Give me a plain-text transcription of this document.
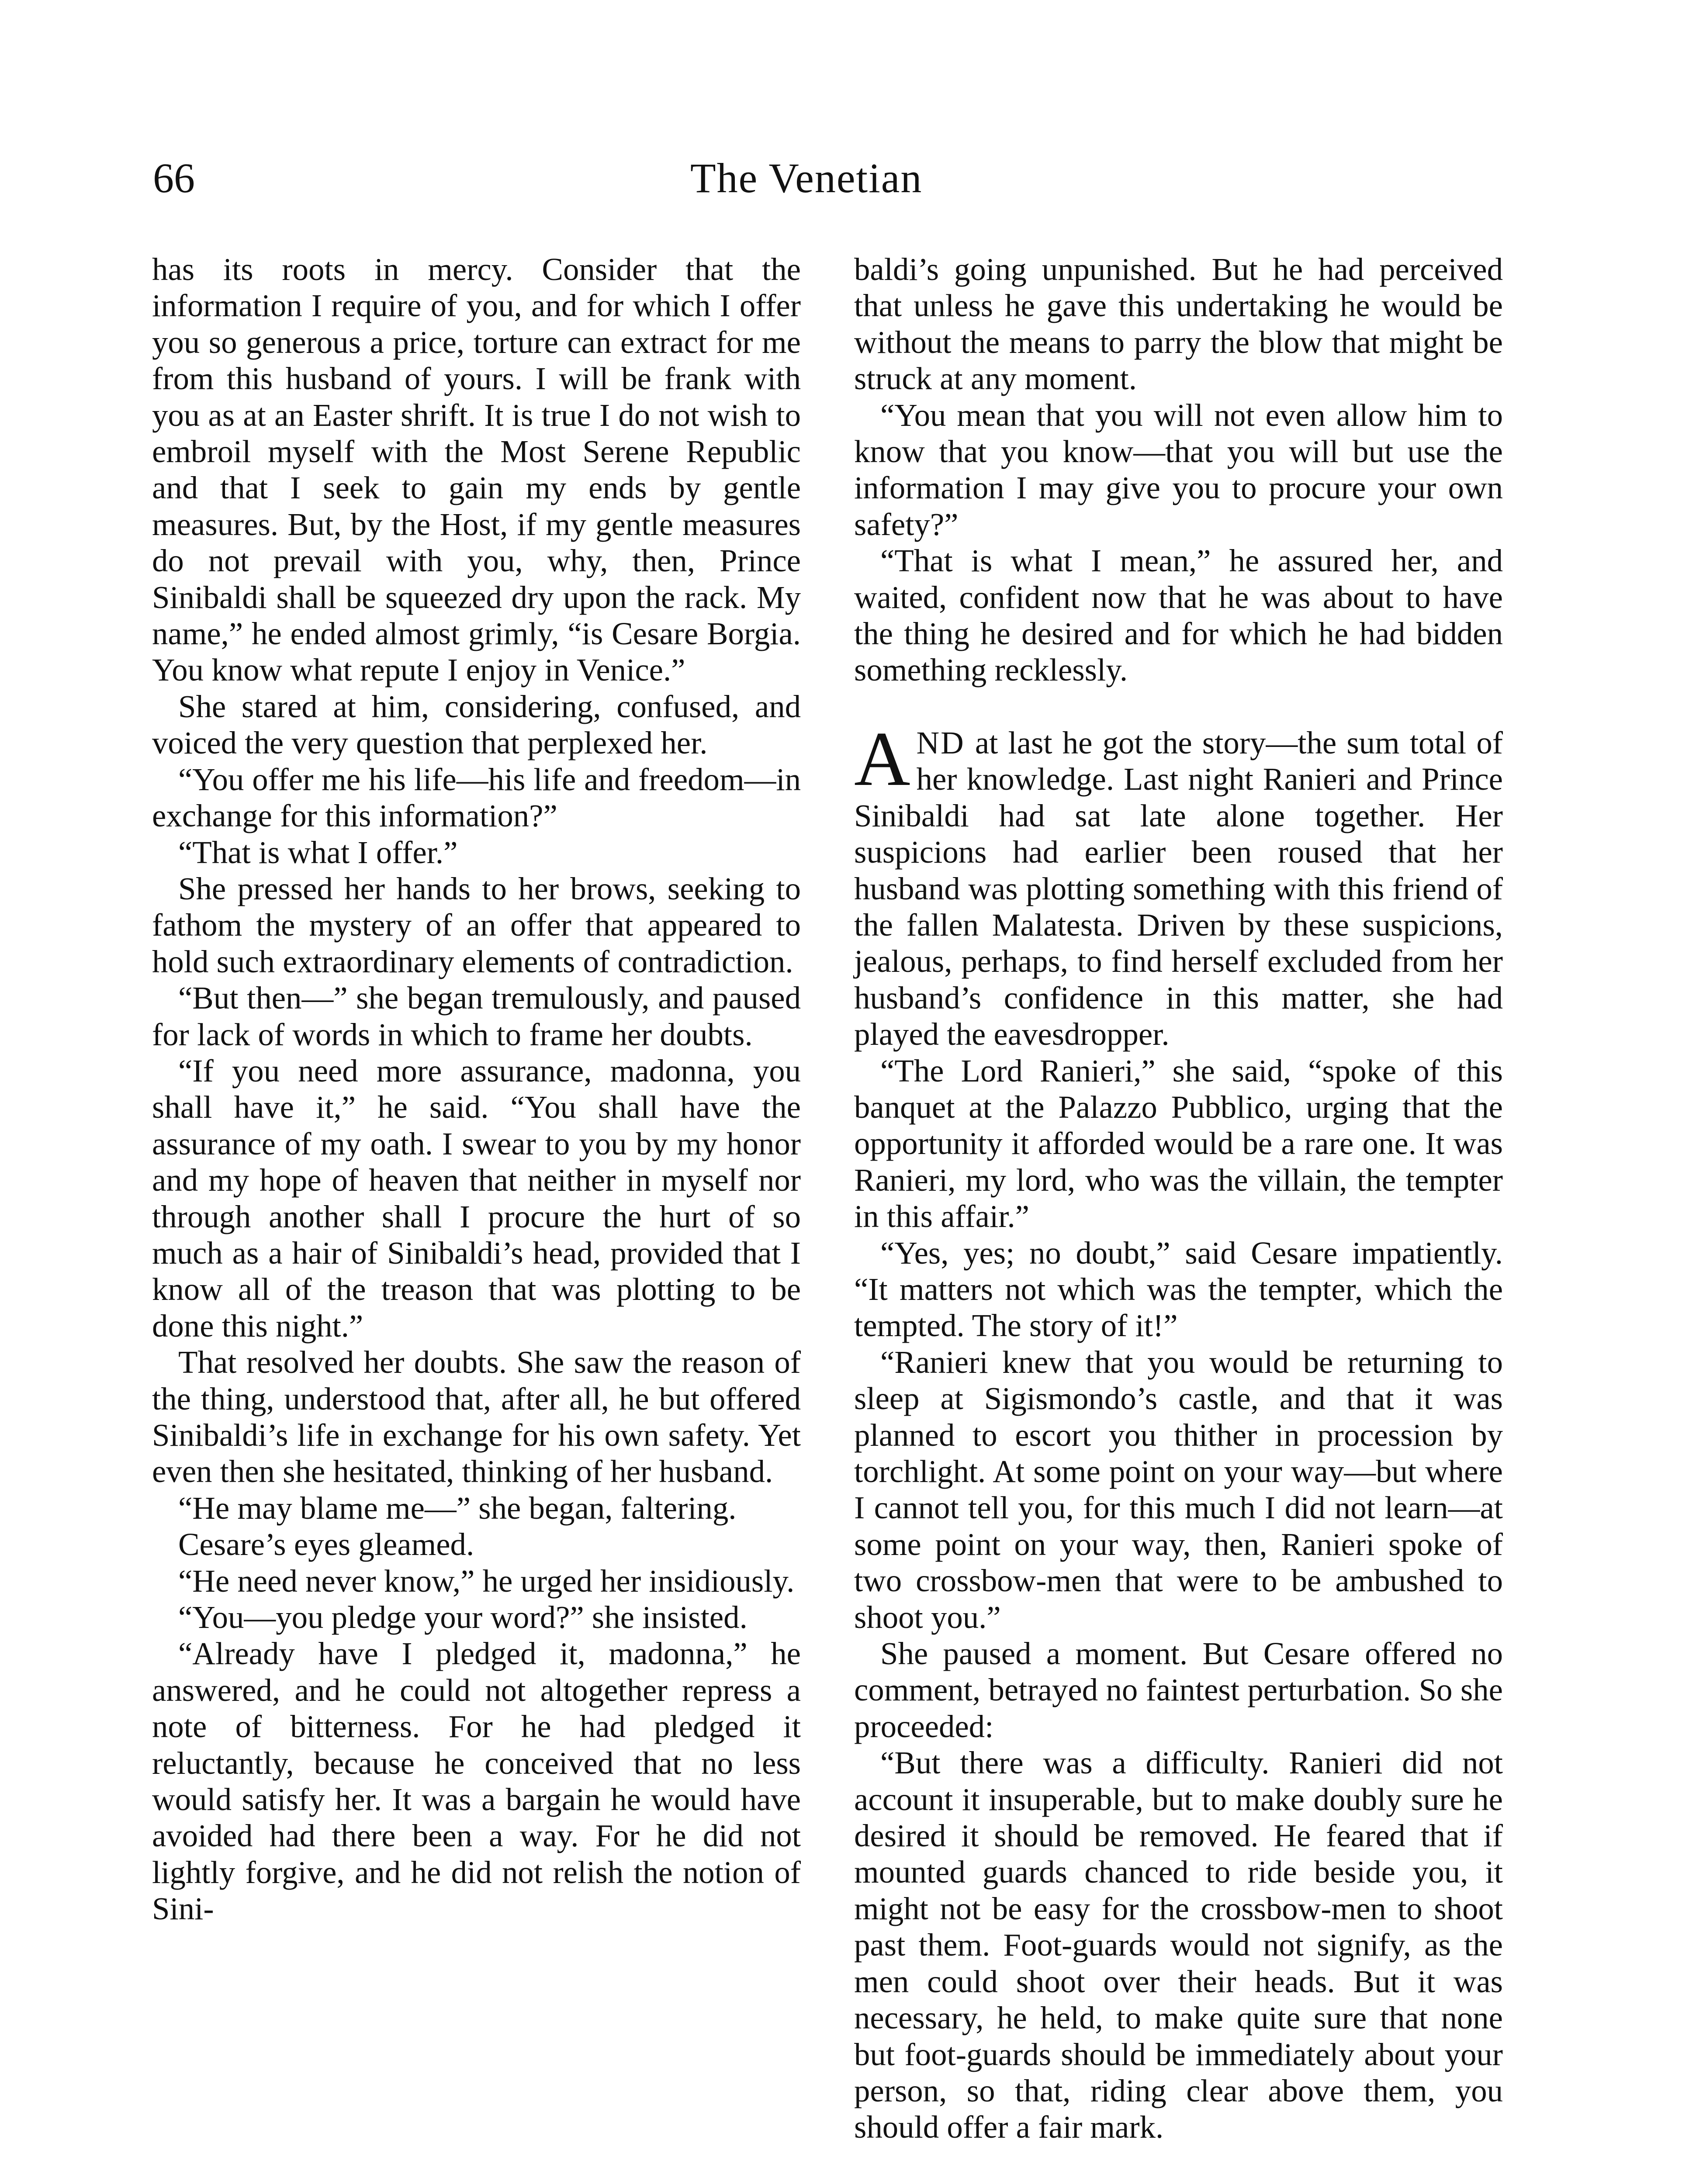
66	The Venetian

has its roots in mercy. Consider that the information I require of you, and for which I offer you so generous a price, torture can extract for me from this husband of yours. I will be frank with you as at an Easter shrift. It is true I do not wish to embroil myself with the Most Serene Republic and that I seek to gain my ends by gentle measures. But, by the Host, if my gentle measures do not prevail with you, why, then, Prince Sinibaldi shall be squeezed dry upon the rack. My name,” he ended almost grimly, “is Cesare Borgia. You know what repute I enjoy in Venice.”

She stared at him, considering, confused, and voiced the very question that perplexed her.

“You offer me his life—his life and freedom—in exchange for this information?”

“That is what I offer.”

She pressed her hands to her brows, seeking to fathom the mystery of an offer that appeared to hold such extraordinary elements of contradiction.

“But then—” she began tremulously, and paused for lack of words in which to frame her doubts.

“If you need more assurance, madonna, you shall have it,” he said. “You shall have the assurance of my oath. I swear to you by my honor and my hope of heaven that neither in myself nor through another shall I procure the hurt of so much as a hair of Sinibaldi’s head, provided that I know all of the treason that was plotting to be done this night.”

That resolved her doubts. She saw the reason of the thing, understood that, after all, he but offered Sinibaldi’s life in exchange for his own safety. Yet even then she hesitated, thinking of her husband.

“He may blame me—” she began, faltering.

Cesare’s eyes gleamed.

“He need never know,” he urged her insidiously.

“You—you pledge your word?” she insisted.

“Already have I pledged it, madonna,” he answered, and he could not altogether repress a note of bitterness. For he had pledged it reluctantly, because he conceived that no less would satisfy her. It was a bargain he would have avoided had there been a way. For he did not lightly forgive, and he did not relish the notion of Sini-

baldi’s going unpunished. But he had perceived that unless he gave this undertaking he would be without the means to parry the blow that might be struck at any moment.

“You mean that you will not even allow him to know that you know—that you will but use the information I may give you to procure your own safety?”

“That is what I mean,” he assured her, and waited, confident now that he was about to have the thing he desired and for which he had bidden something recklessly.

AND at last he got the story—the sum total of her knowledge. Last night Ranieri and Prince Sinibaldi had sat late alone together. Her suspicions had earlier been roused that her husband was plotting something with this friend of the fallen Malatesta. Driven by these suspicions, jealous, perhaps, to find herself excluded from her husband’s confidence in this matter, she had played the eavesdropper.

“The Lord Ranieri,” she said, “spoke of this banquet at the Palazzo Pubblico, urging that the opportunity it afforded would be a rare one. It was Ranieri, my lord, who was the villain, the tempter in this affair.”

“Yes, yes; no doubt,” said Cesare impatiently. “It matters not which was the tempter, which the tempted. The story of it!”

“Ranieri knew that you would be returning to sleep at Sigismondo’s castle, and that it was planned to escort you thither in procession by torchlight. At some point on your way—but where I cannot tell you, for this much I did not learn—at some point on your way, then, Ranieri spoke of two crossbow-men that were to be ambushed to shoot you.”

She paused a moment. But Cesare offered no comment, betrayed no faintest perturbation. So she proceeded:

“But there was a difficulty. Ranieri did not account it insuperable, but to make doubly sure he desired it should be removed. He feared that if mounted guards chanced to ride beside you, it might not be easy for the crossbow-men to shoot past them. Foot-guards would not signify, as the men could shoot over their heads. But it was necessary, he held, to make quite sure that none but foot-guards should be immediately about your person, so that, riding clear above them, you should offer a fair mark.
